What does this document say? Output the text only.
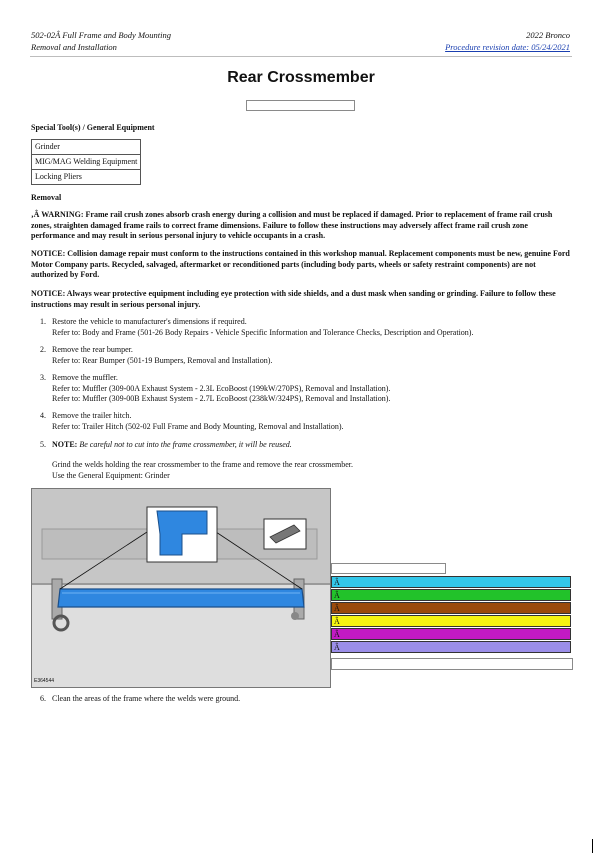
502-02Â Full Frame and Body Mounting
Removal and Installation
2022 Bronco
Procedure revision date: 05/24/2021
Rear Crossmember
Special Tool(s) / General Equipment
Grinder
MIG/MAG Welding Equipment
Locking Pliers
Removal
‚Â WARNING: Frame rail crush zones absorb crash energy during a collision and must be replaced if damaged. Prior to replacement of frame rail crush zones, straighten damaged frame rails to correct frame dimensions. Failure to follow these instructions may adversely affect frame rail crush zone performance and may result in serious personal injury to vehicle occupants in a crash.
NOTICE: Collision damage repair must conform to the instructions contained in this workshop manual. Replacement components must be new, genuine Ford Motor Company parts. Recycled, salvaged, aftermarket or reconditioned parts (including body parts, wheels or safety restraint components) are not authorized by Ford.
NOTICE: Always wear protective equipment including eye protection with side shields, and a dust mask when sanding or grinding. Failure to follow these instructions may result in serious personal injury.
1. Restore the vehicle to manufacturer's dimensions if required.
Refer to: Body and Frame (501-26 Body Repairs - Vehicle Specific Information and Tolerance Checks, Description and Operation).
2. Remove the rear bumper.
Refer to: Rear Bumper (501-19 Bumpers, Removal and Installation).
3. Remove the muffler.
Refer to: Muffler (309-00A Exhaust System - 2.3L EcoBoost (199kW/270PS), Removal and Installation).
Refer to: Muffler (309-00B Exhaust System - 2.7L EcoBoost (238kW/324PS), Removal and Installation).
4. Remove the trailer hitch.
Refer to: Trailer Hitch (502-02 Full Frame and Body Mounting, Removal and Installation).
5. NOTE: Be careful not to cut into the frame crossmember, it will be reused.
Grind the welds holding the rear crossmember to the frame and remove the rear crossmember.
Use the General Equipment: Grinder
E364544
Â
Â
Â
Â
Â
Â
6. Clean the areas of the frame where the welds were ground.
